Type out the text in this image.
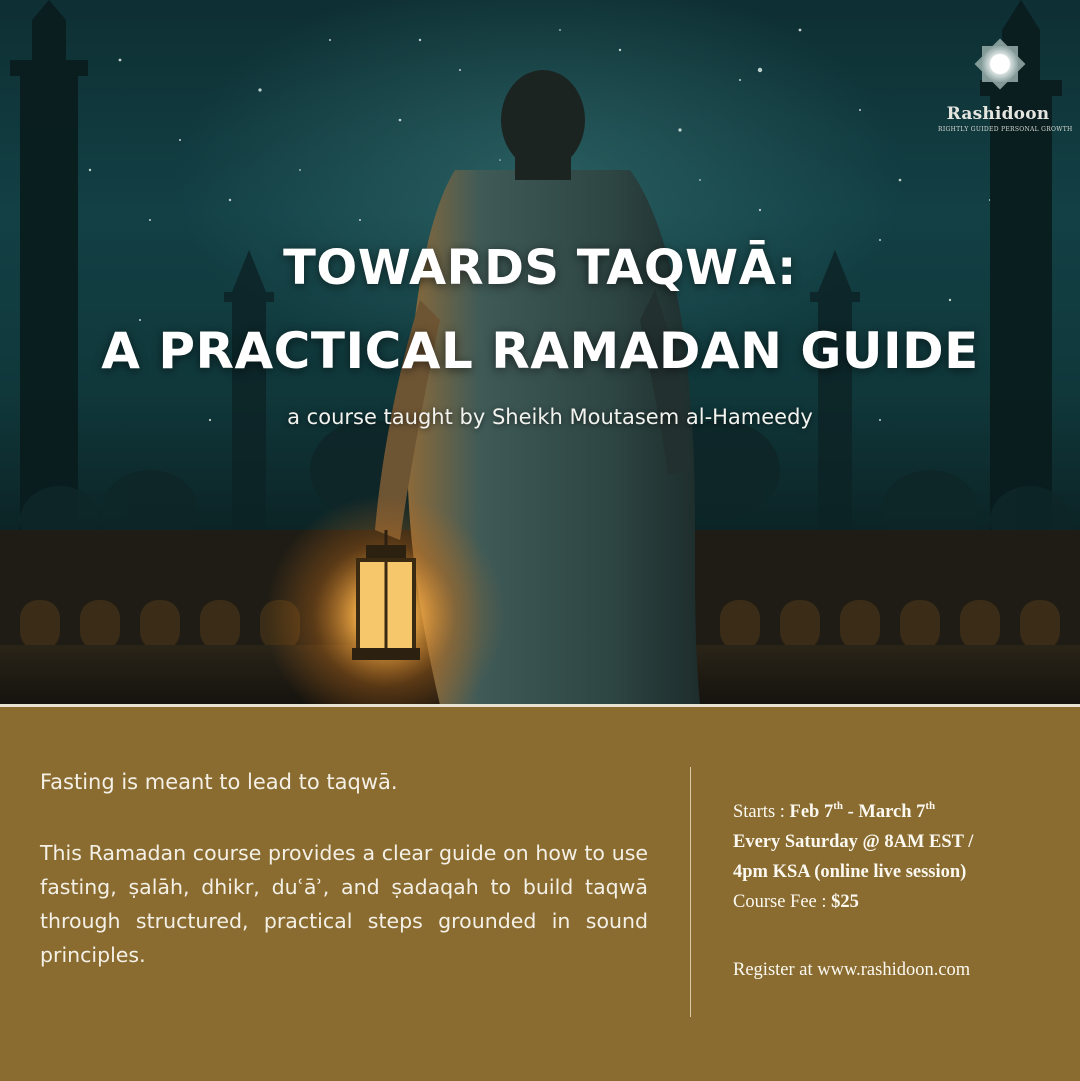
Rashidoon
RIGHTLY GUIDED PERSONAL GROWTH
TOWARDS TAQWĀ:
A PRACTICAL RAMADAN GUIDE
a course taught by Sheikh Moutasem al-Hameedy

Fasting is meant to lead to taqwā.

This Ramadan course provides a clear guide on how to use fasting, ṣalāh, dhikr, duʿāʾ, and ṣadaqah to build taqwā through structured, practical steps grounded in sound principles.

Starts : Feb 7th - March 7th

Every Saturday @ 8AM EST /

4pm KSA (online live session)

Course Fee : $25

Register at www.rashidoon.com
